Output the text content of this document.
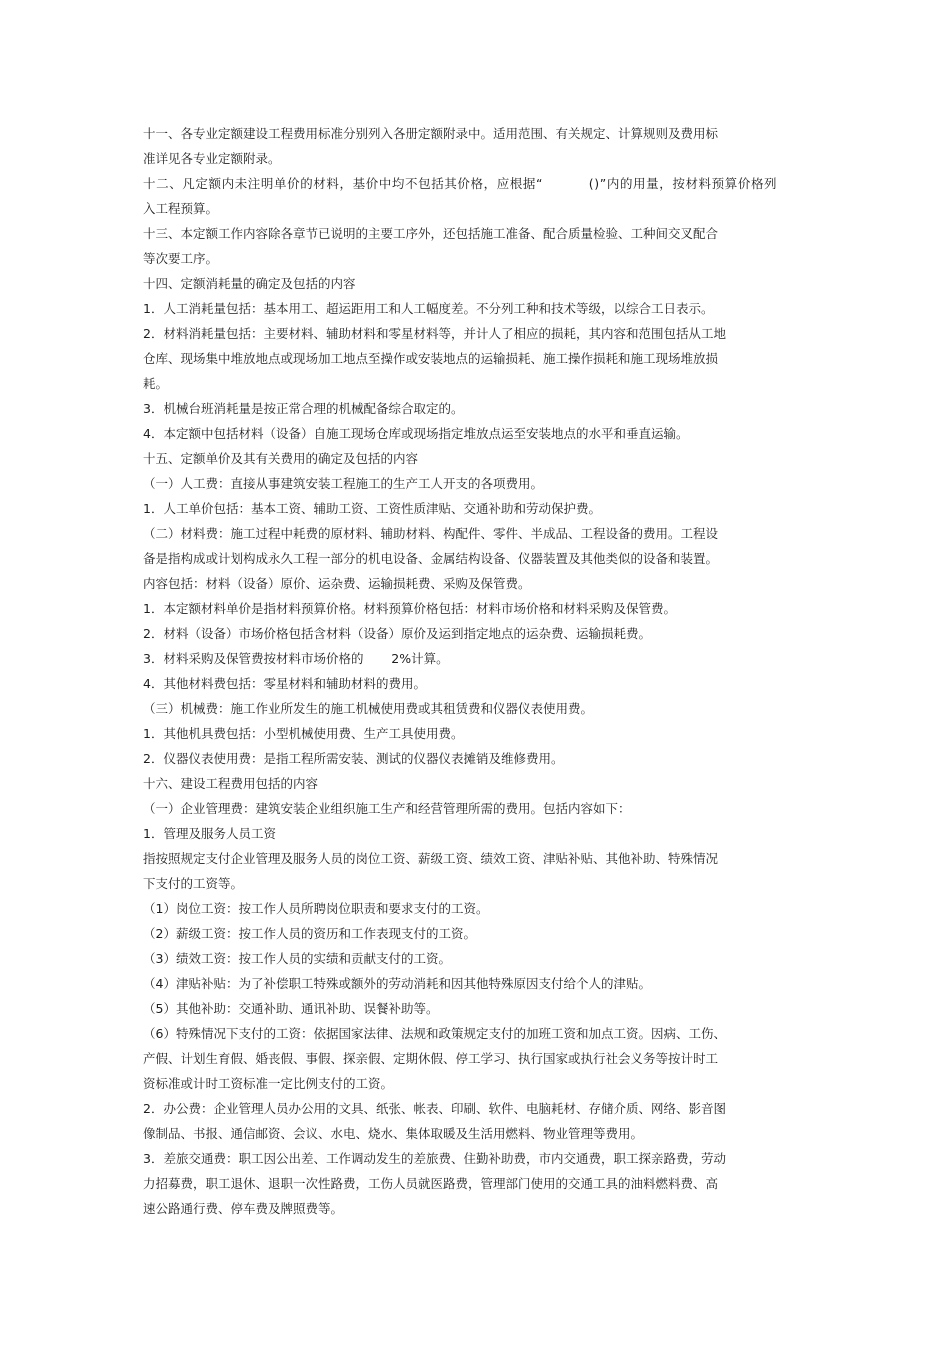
十一、各专业定额建设工程费用标准分别列入各册定额附录中。适用范围、有关规定、计算规则及费用标
准详见各专业定额附录。
十二、凡定额内未注明单价的材料，基价中均不包括其价格，应根据“          ()”内的用量，按材料预算价格列
入工程预算。
十三、本定额工作内容除各章节已说明的主要工序外，还包括施工准备、配合质量检验、工种间交叉配合
等次要工序。
十四、定额消耗量的确定及包括的内容
1．人工消耗量包括：基本用工、超运距用工和人工幅度差。不分列工种和技术等级，以综合工日表示。
2．材料消耗量包括：主要材料、辅助材料和零星材料等，并计人了相应的损耗，其内容和范围包括从工地
仓库、现场集中堆放地点或现场加工地点至操作或安装地点的运输损耗、施工操作损耗和施工现场堆放损
耗。
3．机械台班消耗量是按正常合理的机械配备综合取定的。
4．本定额中包括材料（设备）自施工现场仓库或现场指定堆放点运至安装地点的水平和垂直运输。
十五、定额单价及其有关费用的确定及包括的内容
（一）人工费：直接从事建筑安装工程施工的生产工人开支的各项费用。
1．人工单价包括：基本工资、辅助工资、工资性质津贴、交通补助和劳动保护费。
（二）材料费：施工过程中耗费的原材料、辅助材料、构配件、零件、半成品、工程设备的费用。工程设
备是指构成或计划构成永久工程一部分的机电设备、金属结构设备、仪器装置及其他类似的设备和装置。
内容包括：材料（设备）原价、运杂费、运输损耗费、采购及保管费。
1．本定额材料单价是指材料预算价格。材料预算价格包括：材料市场价格和材料采购及保管费。
2．材料（设备）市场价格包括含材料（设备）原价及运到指定地点的运杂费、运输损耗费。
3．材料采购及保管费按材料市场价格的       2%计算。
4．其他材料费包括：零星材料和辅助材料的费用。
（三）机械费：施工作业所发生的施工机械使用费或其租赁费和仪器仪表使用费。
1．其他机具费包括：小型机械使用费、生产工具使用费。
2．仪器仪表使用费：是指工程所需安装、测试的仪器仪表摊销及维修费用。
十六、建设工程费用包括的内容
（一）企业管理费：建筑安装企业组织施工生产和经营管理所需的费用。包括内容如下：
1．管理及服务人员工资
指按照规定支付企业管理及服务人员的岗位工资、薪级工资、绩效工资、津贴补贴、其他补助、特殊情况
下支付的工资等。
（1）岗位工资：按工作人员所聘岗位职责和要求支付的工资。
（2）薪级工资：按工作人员的资历和工作表现支付的工资。
（3）绩效工资：按工作人员的实绩和贡献支付的工资。
（4）津贴补贴：为了补偿职工特殊或额外的劳动消耗和因其他特殊原因支付给个人的津贴。
（5）其他补助：交通补助、通讯补助、误餐补助等。
（6）特殊情况下支付的工资：依据国家法律、法规和政策规定支付的加班工资和加点工资。因病、工伤、
产假、计划生育假、婚丧假、事假、探亲假、定期休假、停工学习、执行国家或执行社会义务等按计时工
资标准或计时工资标准一定比例支付的工资。
2．办公费：企业管理人员办公用的文具、纸张、帐表、印刷、软件、电脑耗材、存储介质、网络、影音图
像制品、书报、通信邮资、会议、水电、烧水、集体取暖及生活用燃料、物业管理等费用。
3．差旅交通费：职工因公出差、工作调动发生的差旅费、住勤补助费，市内交通费，职工探亲路费，劳动
力招募费，职工退休、退职一次性路费，工伤人员就医路费，管理部门使用的交通工具的油料燃料费、高
速公路通行费、停车费及牌照费等。
